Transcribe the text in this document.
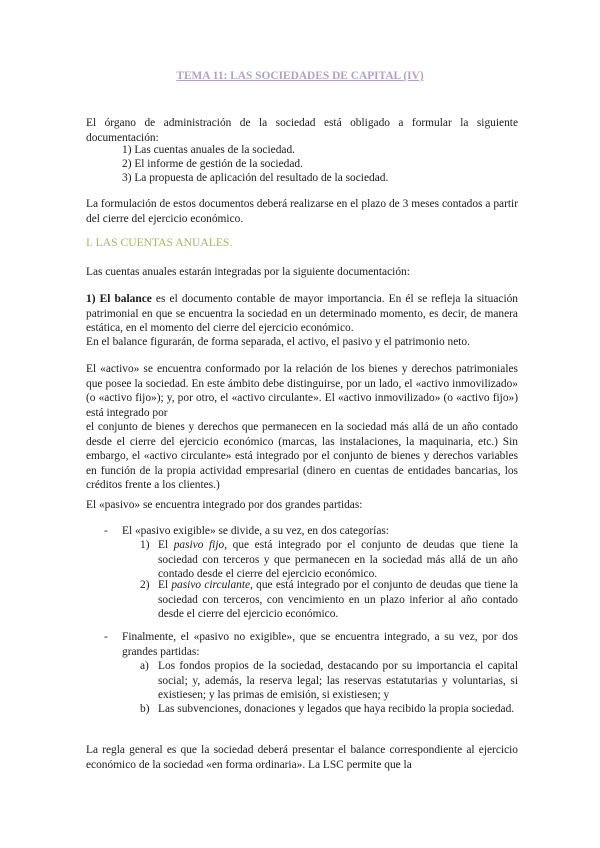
TEMA 11: LAS SOCIEDADES DE CAPITAL (IV)

El órgano de administración de la sociedad está obligado a formular la siguiente documentación:

1) Las cuentas anuales de la sociedad.

2) El informe de gestión de la sociedad.

3) La propuesta de aplicación del resultado de la sociedad.

La formulación de estos documentos deberá realizarse en el plazo de 3 meses contados a partir del cierre del ejercicio económico.

I. LAS CUENTAS ANUALES.

Las cuentas anuales estarán integradas por la siguiente documentación:

1) El balance es el documento contable de mayor importancia. En él se refleja la situación patrimonial en que se encuentra la sociedad en un determinado momento, es decir, de manera estática, en el momento del cierre del ejercicio económico.

En el balance figurarán, de forma separada, el activo, el pasivo y el patrimonio neto.

El «activo» se encuentra conformado por la relación de los bienes y derechos patrimoniales que posee la sociedad. En este ámbito debe distinguirse, por un lado, el «activo inmovilizado» (o «activo fijo»); y, por otro, el «activo circulante». El «activo inmovilizado» (o «activo fijo») está integrado por

el conjunto de bienes y derechos que permanecen en la sociedad más allá de un año contado desde el cierre del ejercicio económico (marcas, las instalaciones, la maquinaria, etc.) Sin embargo, el «activo circulante» está integrado por el conjunto de bienes y derechos variables en función de la propia actividad empresarial (dinero en cuentas de entidades bancarias, los créditos frente a los clientes.)

El «pasivo» se encuentra integrado por dos grandes partidas:

- El «pasivo exigible» se divide, a su vez, en dos categorías:

1) El pasivo fijo, que está integrado por el conjunto de deudas que tiene la sociedad con terceros y que permanecen en la sociedad más allá de un año contado desde el cierre del ejercicio económico.

2) El pasivo circulante, que está integrado por el conjunto de deudas que tiene la sociedad con terceros, con vencimiento en un plazo inferior al año contado desde el cierre del ejercicio económico.

- Finalmente, el «pasivo no exigible», que se encuentra integrado, a su vez, por dos grandes partidas:

a) Los fondos propios de la sociedad, destacando por su importancia el capital social; y, además, la reserva legal; las reservas estatutarias y voluntarias, si existiesen; y las primas de emisión, si existiesen; y

b) Las subvenciones, donaciones y legados que haya recibido la propia sociedad.

La regla general es que la sociedad deberá presentar el balance correspondiente al ejercicio económico de la sociedad «en forma ordinaria». La LSC permite que la
